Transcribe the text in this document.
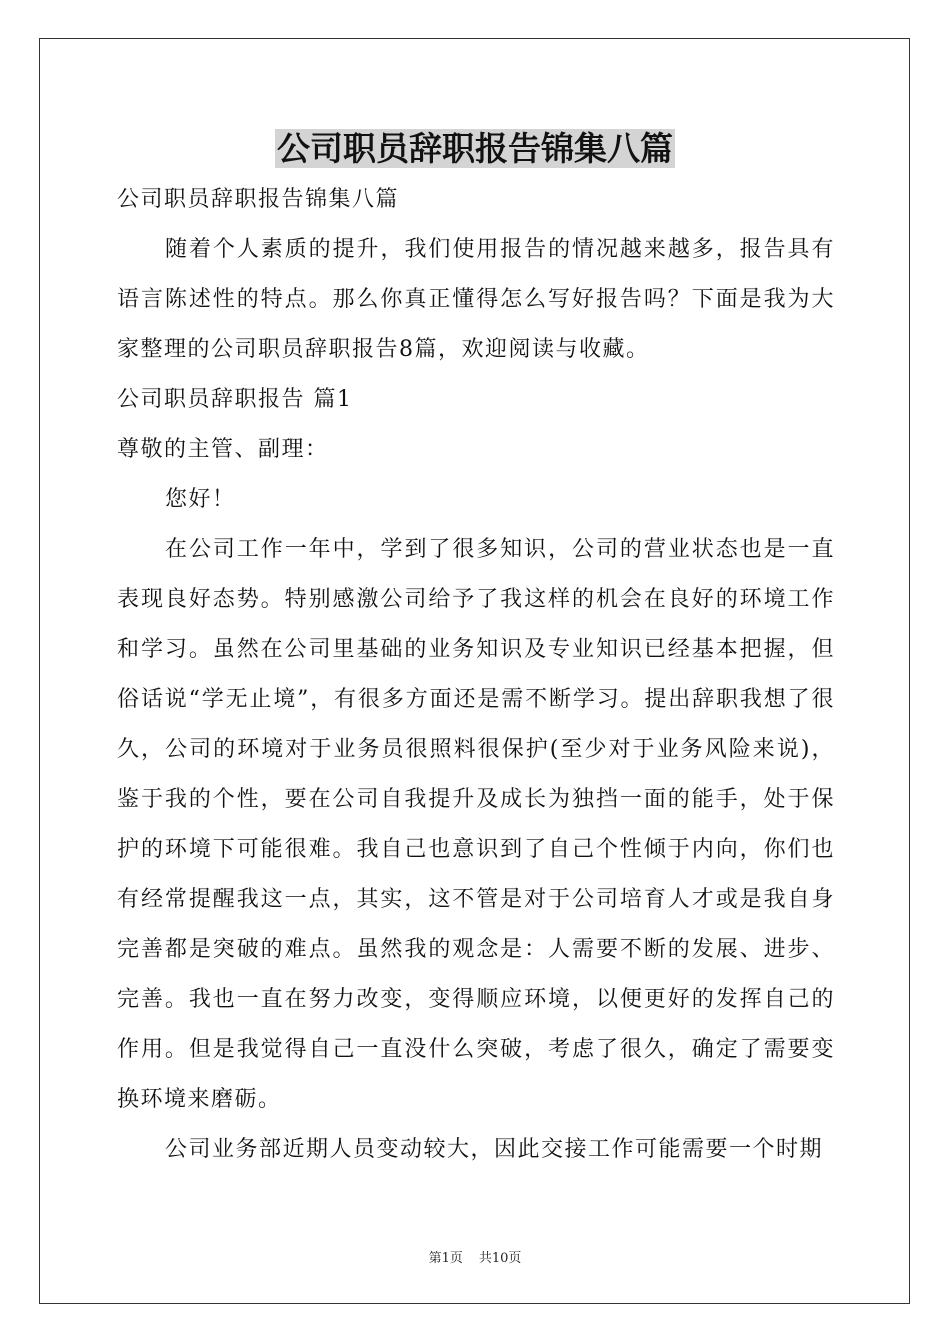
公司职员辞职报告锦集八篇

公司职员辞职报告锦集八篇

随着个人素质的提升，我们使用报告的情况越来越多，报告具有语言陈述性的特点。那么你真正懂得怎么写好报告吗？下面是我为大家整理的公司职员辞职报告8篇，欢迎阅读与收藏。

公司职员辞职报告 篇1

尊敬的主管、副理：

您好！

在公司工作一年中，学到了很多知识，公司的营业状态也是一直表现良好态势。特别感激公司给予了我这样的机会在良好的环境工作和学习。虽然在公司里基础的业务知识及专业知识已经基本把握，但俗话说“学无止境”，有很多方面还是需不断学习。提出辞职我想了很久，公司的环境对于业务员很照料很保护(至少对于业务风险来说)，鉴于我的个性，要在公司自我提升及成长为独挡一面的能手，处于保护的环境下可能很难。我自己也意识到了自己个性倾于内向，你们也有经常提醒我这一点，其实，这不管是对于公司培育人才或是我自身完善都是突破的难点。虽然我的观念是：人需要不断的发展、进步、完善。我也一直在努力改变，变得顺应环境，以便更好的发挥自己的作用。但是我觉得自己一直没什么突破，考虑了很久，确定了需要变换环境来磨砺。

公司业务部近期人员变动较大，因此交接工作可能需要一个时期

第1页 共10页
